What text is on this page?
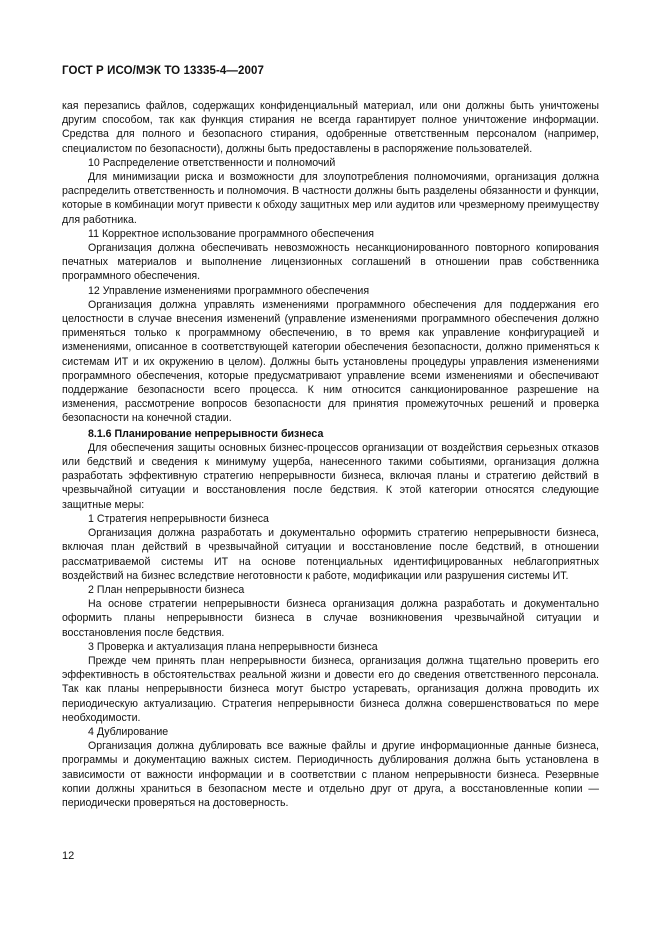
ГОСТ Р ИСО/МЭК ТО 13335-4—2007

кая перезапись файлов, содержащих конфиденциальный материал, или они должны быть уничтожены другим способом, так как функция стирания не всегда гарантирует полное уничтожение информации. Средства для полного и безопасного стирания, одобренные ответственным персоналом (например, специалистом по безопасности), должны быть предоставлены в распоряжение пользователей.

10 Распределение ответственности и полномочий

Для минимизации риска и возможности для злоупотребления полномочиями, организация должна распределить ответственность и полномочия. В частности должны быть разделены обязанности и функции, которые в комбинации могут привести к обходу защитных мер или аудитов или чрезмерному преимуществу для работника.

11 Корректное использование программного обеспечения

Организация должна обеспечивать невозможность несанкционированного повторного копирования печатных материалов и выполнение лицензионных соглашений в отношении прав собственника программного обеспечения.

12 Управление изменениями программного обеспечения

Организация должна управлять изменениями программного обеспечения для поддержания его целостности в случае внесения изменений (управление изменениями программного обеспечения должно применяться только к программному обеспечению, в то время как управление конфигурацией и изменениями, описанное в соответствующей категории обеспечения безопасности, должно применяться к системам ИТ и их окружению в целом). Должны быть установлены процедуры управления изменениями программного обеспечения, которые предусматривают управление всеми изменениями и обеспечивают поддержание безопасности всего процесса. К ним относится санкционированное разрешение на изменения, рассмотрение вопросов безопасности для принятия промежуточных решений и проверка безопасности на конечной стадии.

8.1.6 Планирование непрерывности бизнеса

Для обеспечения защиты основных бизнес-процессов организации от воздействия серьезных отказов или бедствий и сведения к минимуму ущерба, нанесенного такими событиями, организация должна разработать эффективную стратегию непрерывности бизнеса, включая планы и стратегию действий в чрезвычайной ситуации и восстановления после бедствия. К этой категории относятся следующие защитные меры:

1 Стратегия непрерывности бизнеса

Организация должна разработать и документально оформить стратегию непрерывности бизнеса, включая план действий в чрезвычайной ситуации и восстановление после бедствий, в отношении рассматриваемой системы ИТ на основе потенциальных идентифицированных неблагоприятных воздействий на бизнес вследствие неготовности к работе, модификации или разрушения системы ИТ.

2 План непрерывности бизнеса

На основе стратегии непрерывности бизнеса организация должна разработать и документально оформить планы непрерывности бизнеса в случае возникновения чрезвычайной ситуации и восстановления после бедствия.

3 Проверка и актуализация плана непрерывности бизнеса

Прежде чем принять план непрерывности бизнеса, организация должна тщательно проверить его эффективность в обстоятельствах реальной жизни и довести его до сведения ответственного персонала. Так как планы непрерывности бизнеса могут быстро устаревать, организация должна проводить их периодическую актуализацию. Стратегия непрерывности бизнеса должна совершенствоваться по мере необходимости.

4 Дублирование

Организация должна дублировать все важные файлы и другие информационные данные бизнеса, программы и документацию важных систем. Периодичность дублирования должна быть установлена в зависимости от важности информации и в соответствии с планом непрерывности бизнеса. Резервные копии должны храниться в безопасном месте и отдельно друг от друга, а восстановленные копии — периодически проверяться на достоверность.

12
